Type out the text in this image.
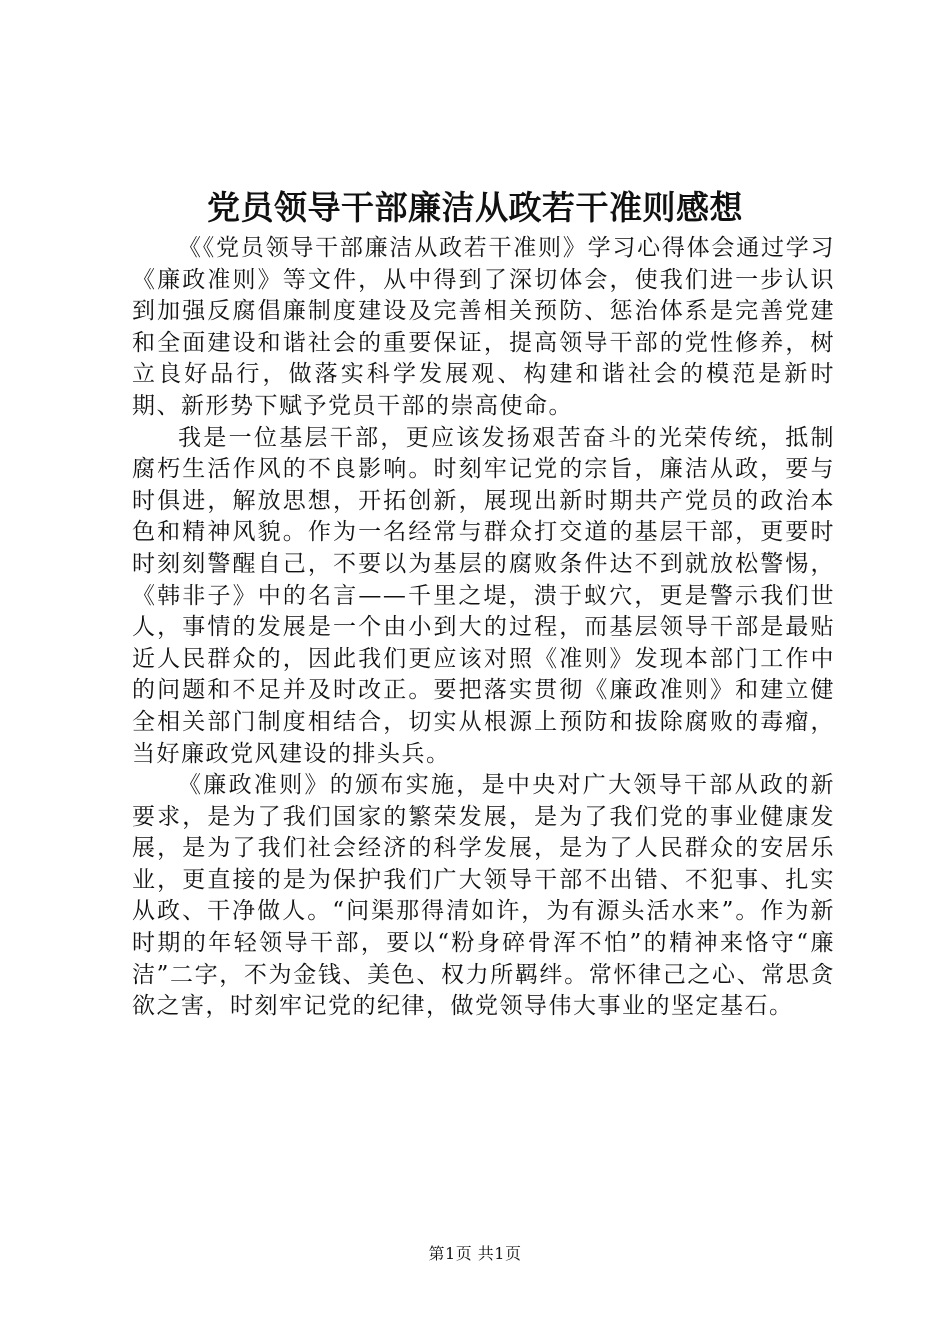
党员领导干部廉洁从政若干准则感想

《《党员领导干部廉洁从政若干准则》学习心得体会通过学习《廉政准则》等文件，从中得到了深切体会，使我们进一步认识到加强反腐倡廉制度建设及完善相关预防、惩治体系是完善党建和全面建设和谐社会的重要保证，提高领导干部的党性修养，树立良好品行，做落实科学发展观、构建和谐社会的模范是新时期、新形势下赋予党员干部的崇高使命。

我是一位基层干部，更应该发扬艰苦奋斗的光荣传统，抵制腐朽生活作风的不良影响。时刻牢记党的宗旨，廉洁从政，要与时俱进，解放思想，开拓创新，展现出新时期共产党员的政治本色和精神风貌。作为一名经常与群众打交道的基层干部，更要时时刻刻警醒自己，不要以为基层的腐败条件达不到就放松警惕，《韩非子》中的名言——千里之堤，溃于蚁穴，更是警示我们世人，事情的发展是一个由小到大的过程，而基层领导干部是最贴近人民群众的，因此我们更应该对照《准则》发现本部门工作中的问题和不足并及时改正。要把落实贯彻《廉政准则》和建立健全相关部门制度相结合，切实从根源上预防和拔除腐败的毒瘤，当好廉政党风建设的排头兵。

《廉政准则》的颁布实施，是中央对广大领导干部从政的新要求，是为了我们国家的繁荣发展，是为了我们党的事业健康发展，是为了我们社会经济的科学发展，是为了人民群众的安居乐业，更直接的是为保护我们广大领导干部不出错、不犯事、扎实从政、干净做人。“问渠那得清如许，为有源头活水来”。作为新时期的年轻领导干部，要以“粉身碎骨浑不怕”的精神来恪守“廉洁”二字，不为金钱、美色、权力所羁绊。常怀律己之心、常思贪欲之害，时刻牢记党的纪律，做党领导伟大事业的坚定基石。

第1页 共1页
